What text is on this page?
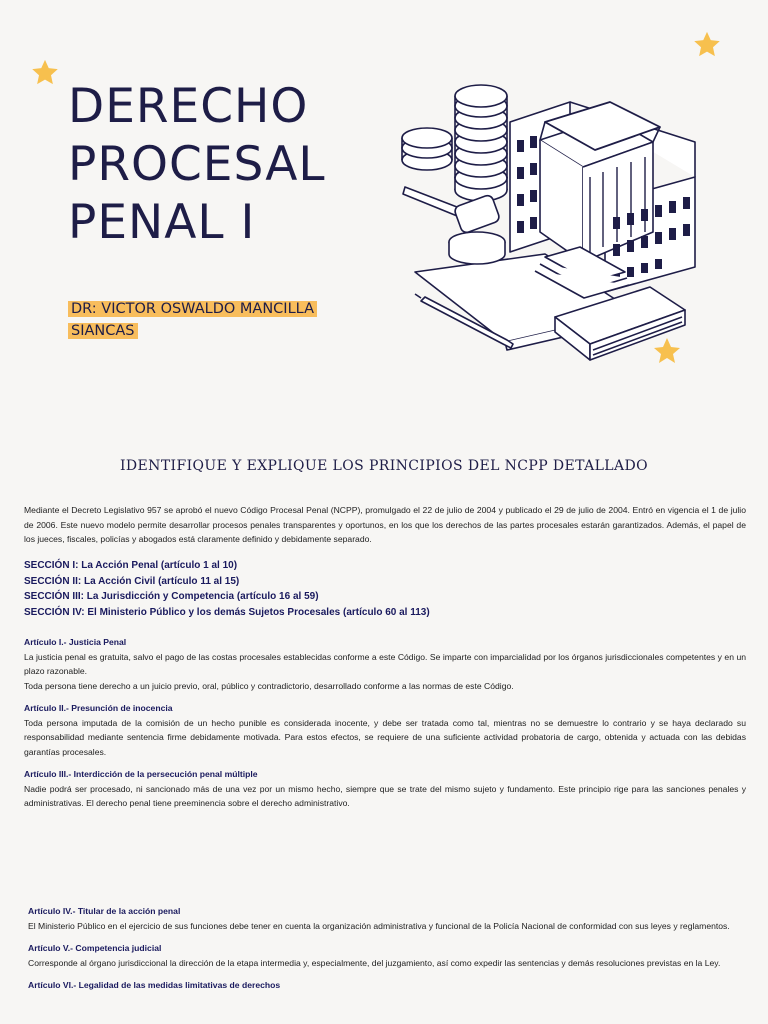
DERECHO
PROCESAL
PENAL I
DR: VICTOR OSWALDO MANCILLA SIANCAS
IDENTIFIQUE Y EXPLIQUE LOS PRINCIPIOS DEL NCPP DETALLADO
Mediante el Decreto Legislativo 957 se aprobó el nuevo Código Procesal Penal (NCPP), promulgado el 22 de julio de 2004 y publicado el 29 de julio de 2004. Entró en vigencia el 1 de julio de 2006. Este nuevo modelo permite desarrollar procesos penales transparentes y oportunos, en los que los derechos de las partes procesales estarán garantizados. Además, el papel de los jueces, fiscales, policías y abogados está claramente definido y debidamente separado.
SECCIÓN I: La Acción Penal (artículo 1 al 10)
SECCIÓN II: La Acción Civil (artículo 11 al 15)
SECCIÓN III: La Jurisdicción y Competencia (artículo 16 al 59)
SECCIÓN IV: El Ministerio Público y los demás Sujetos Procesales (artículo 60 al 113)
Artículo I.- Justicia Penal
La justicia penal es gratuita, salvo el pago de las costas procesales establecidas conforme a este Código. Se imparte con imparcialidad por los órganos jurisdiccionales competentes y en un plazo razonable.
Toda persona tiene derecho a un juicio previo, oral, público y contradictorio, desarrollado conforme a las normas de este Código.
Artículo II.- Presunción de inocencia
Toda persona imputada de la comisión de un hecho punible es considerada inocente, y debe ser tratada como tal, mientras no se demuestre lo contrario y se haya declarado su responsabilidad mediante sentencia firme debidamente motivada. Para estos efectos, se requiere de una suficiente actividad probatoria de cargo, obtenida y actuada con las debidas garantías procesales.
Artículo III.- Interdicción de la persecución penal múltiple
Nadie podrá ser procesado, ni sancionado más de una vez por un mismo hecho, siempre que se trate del mismo sujeto y fundamento. Este principio rige para las sanciones penales y administrativas. El derecho penal tiene preeminencia sobre el derecho administrativo.
Artículo IV.- Titular de la acción penal
El Ministerio Público en el ejercicio de sus funciones debe tener en cuenta la organización administrativa y funcional de la Policía Nacional de conformidad con sus leyes y reglamentos.
Artículo V.- Competencia judicial
Corresponde al órgano jurisdiccional la dirección de la etapa intermedia y, especialmente, del juzgamiento, así como expedir las sentencias y demás resoluciones previstas en la Ley.
Artículo VI.- Legalidad de las medidas limitativas de derechos
